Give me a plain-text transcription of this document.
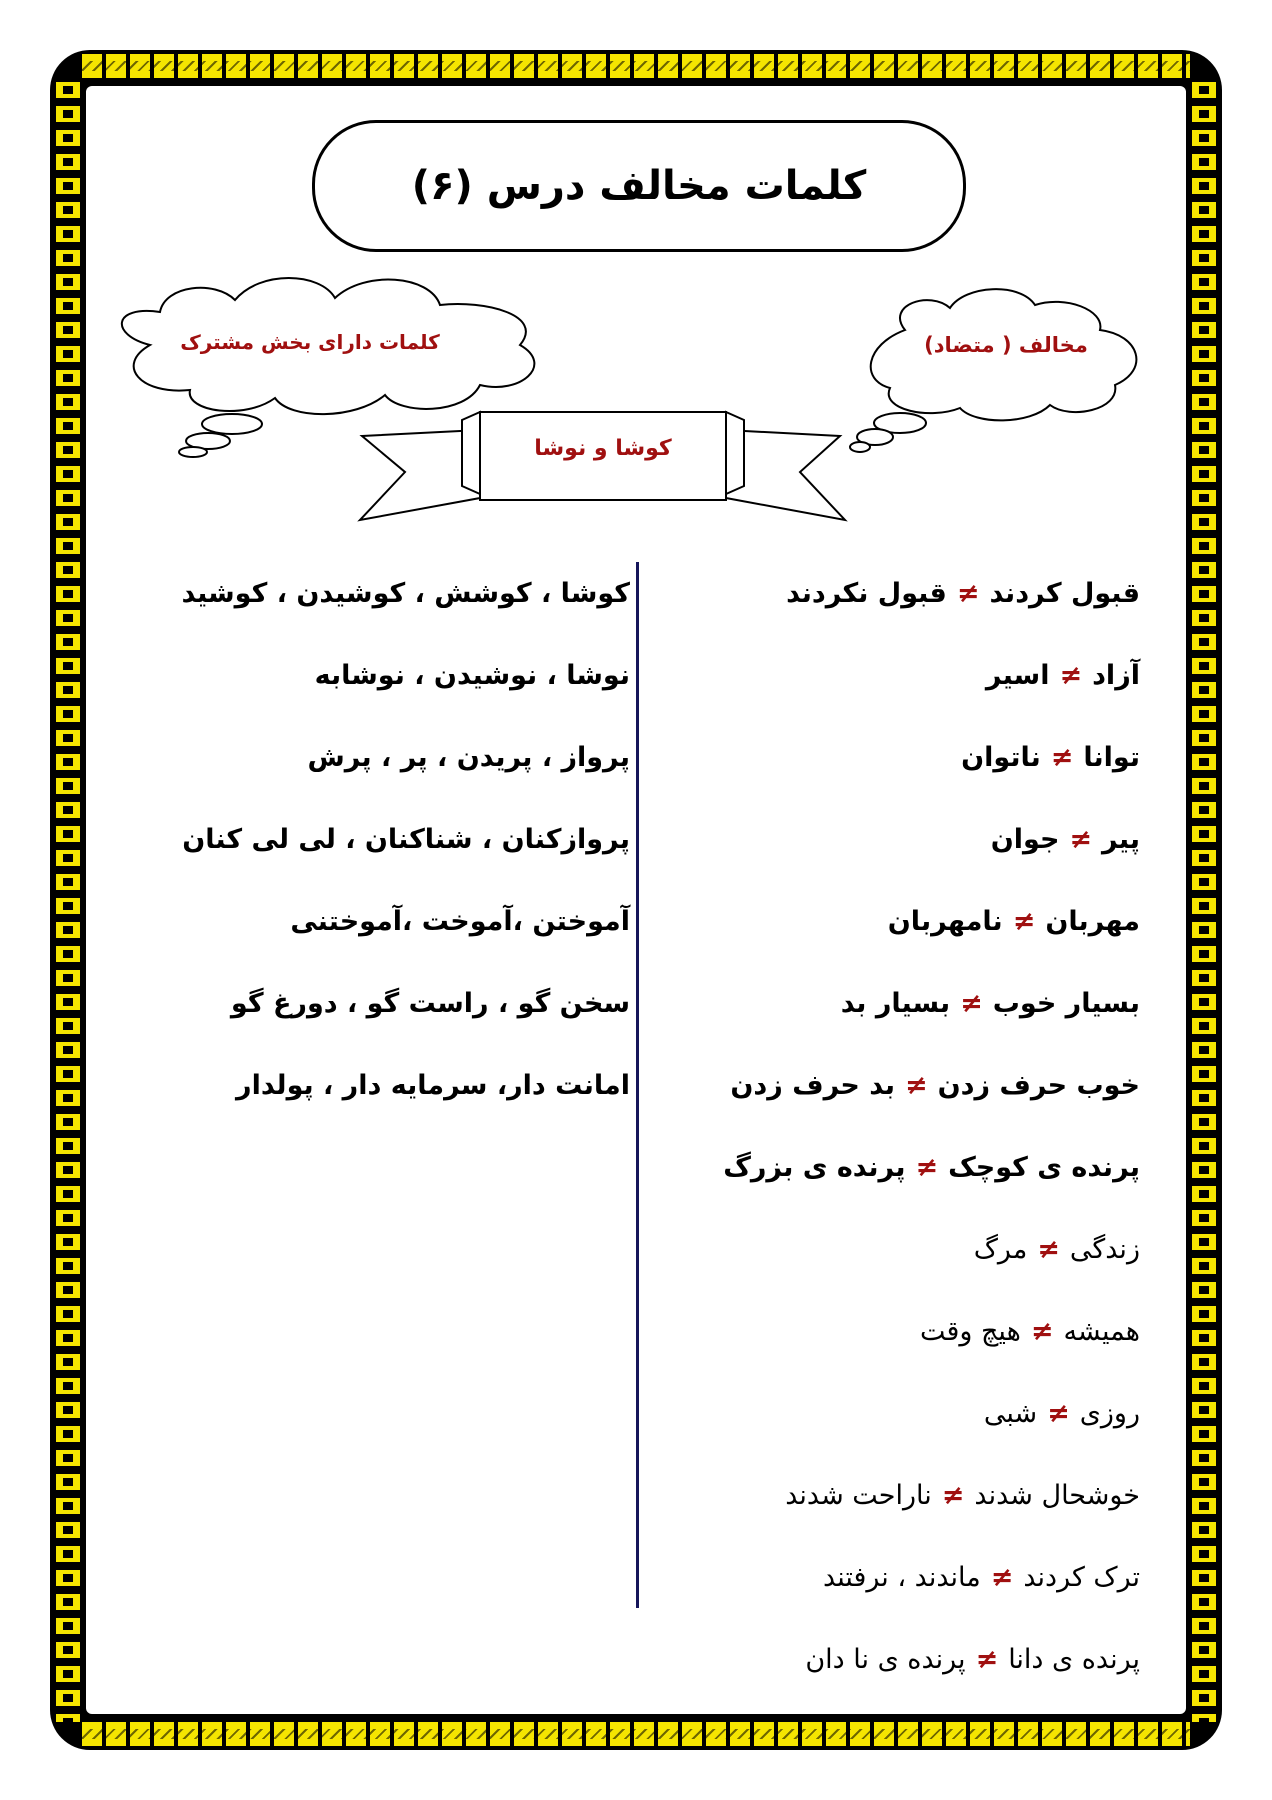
کلمات مخالف درس (۶)
کلمات دارای بخش مشترک	مخالف ( متضاد)
کوشا و نوشا
قبول کردند
≠
قبول نکردند
آزاد
≠
اسیر
توانا
≠
ناتوان
پیر
≠
جوان
مهربان
≠
نامهربان
بسیار خوب
≠
بسیار بد
خوب حرف زدن
≠
بد حرف زدن
پرنده ی کوچک
≠
پرنده ی بزرگ
زندگی
≠
مرگ
همیشه
≠
هیچ وقت
روزی
≠
شبی
خوشحال شدند
≠
ناراحت شدند
ترک کردند
≠
ماندند ، نرفتند
پرنده ی دانا
≠
پرنده ی نا دان
کوشا ، کوشش ، کوشیدن ، کوشید
نوشا ، نوشیدن ، نوشابه
پرواز ، پریدن ، پر ، پرش
پروازکنان ، شناکنان ، لی لی کنان
آموختن ،آموخت ،آموختنی
سخن گو ، راست گو ، دورغ گو
امانت دار، سرمایه دار ، پولدار
